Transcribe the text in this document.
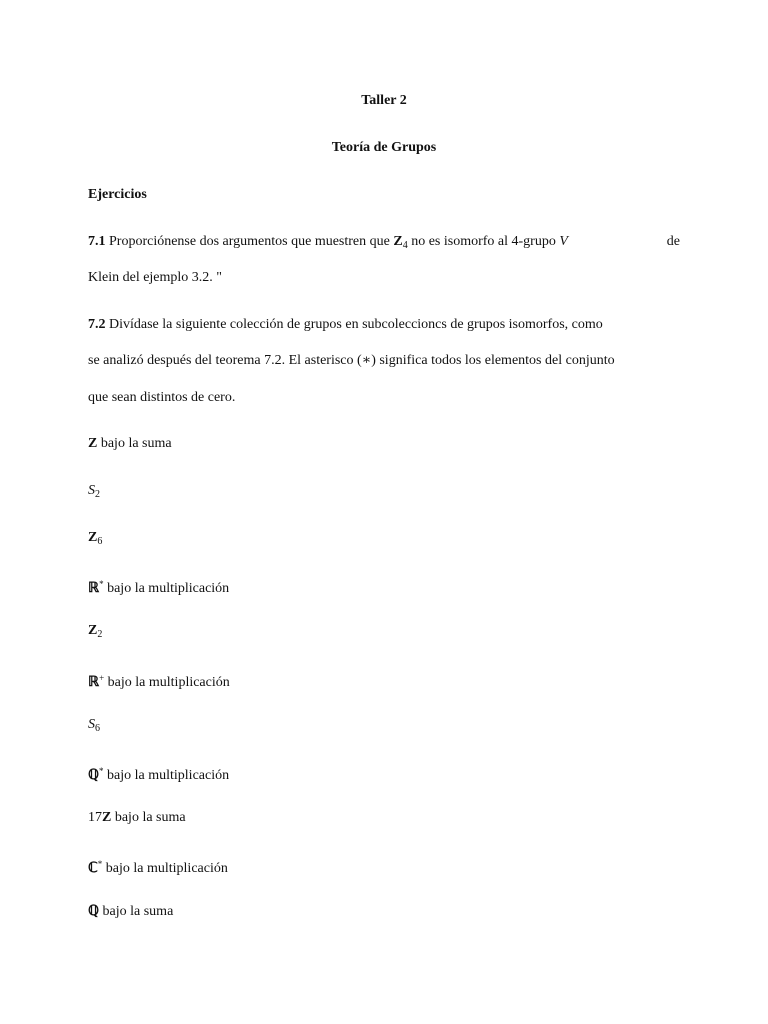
Taller 2
Teoría de Grupos
Ejercicios
7.1 Proporciónense dos argumentos que muestren que $Z_4$ no es isomorfo al 4-grupo V	de
Klein del ejemplo 3.2. "
7.2 Divídase la siguiente colección de grupos en subcoleccioncs de grupos isomorfos, como
se analizó después del teorema 7.2. El asterisco (∗) significa todos los elementos del conjunto
que sean distintos de cero.
Z bajo la suma
$S_2$
$Z_6$
ℝ* bajo la multiplicación
$Z_2$
ℝ+ bajo la multiplicación
$S_6$
ℚ* bajo la multiplicación
17Z bajo la suma
ℂ* bajo la multiplicación
ℚ bajo la suma
